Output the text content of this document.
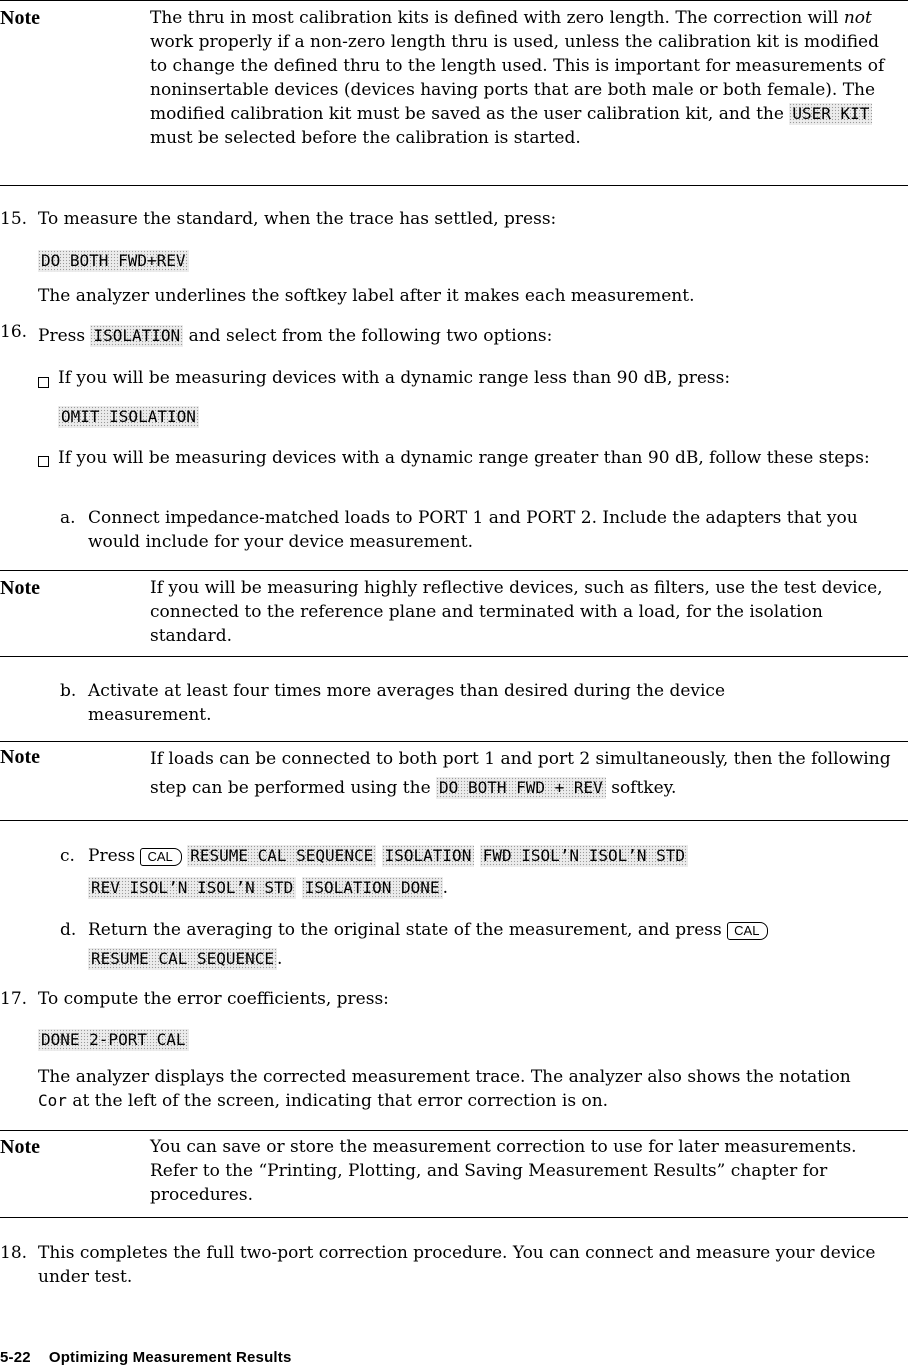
Note	The thru in most calibration kits is defined with zero length. The correction will not work properly if a non-zero length thru is used, unless the calibration kit is modified to change the defined thru to the length used. This is important for measurements of noninsertable devices (devices having ports that are both male or both female). The modified calibration kit must be saved as the user calibration kit, and the USER KIT must be selected before the calibration is started.
15. To measure the standard, when the trace has settled, press:
DO BOTH FWD+REV
The analyzer underlines the softkey label after it makes each measurement.
16. Press ISOLATION and select from the following two options:
If you will be measuring devices with a dynamic range less than 90 dB, press:
OMIT ISOLATION
If you will be measuring devices with a dynamic range greater than 90 dB, follow these steps:
a. Connect impedance-matched loads to PORT 1 and PORT 2. Include the adapters that you would include for your device measurement.
Note	If you will be measuring highly reflective devices, such as filters, use the test device, connected to the reference plane and terminated with a load, for the isolation standard.
b. Activate at least four times more averages than desired during the device measurement.
Note	If loads can be connected to both port 1 and port 2 simultaneously, then the following step can be performed using the DO BOTH FWD + REV softkey.
c. Press CAL RESUME CAL SEQUENCE ISOLATION FWD ISOL’N ISOL’N STD
REV ISOL’N ISOL’N STD ISOLATION DONE .
d. Return the averaging to the original state of the measurement, and press CAL
RESUME CAL SEQUENCE .
17. To compute the error coefficients, press:
DONE 2-PORT CAL
The analyzer displays the corrected measurement trace. The analyzer also shows the notation Cor at the left of the screen, indicating that error correction is on.
Note	You can save or store the measurement correction to use for later measurements. Refer to the “Printing, Plotting, and Saving Measurement Results” chapter for procedures.
18. This completes the full two-port correction procedure. You can connect and measure your device under test.
5-22 Optimizing Measurement Results
